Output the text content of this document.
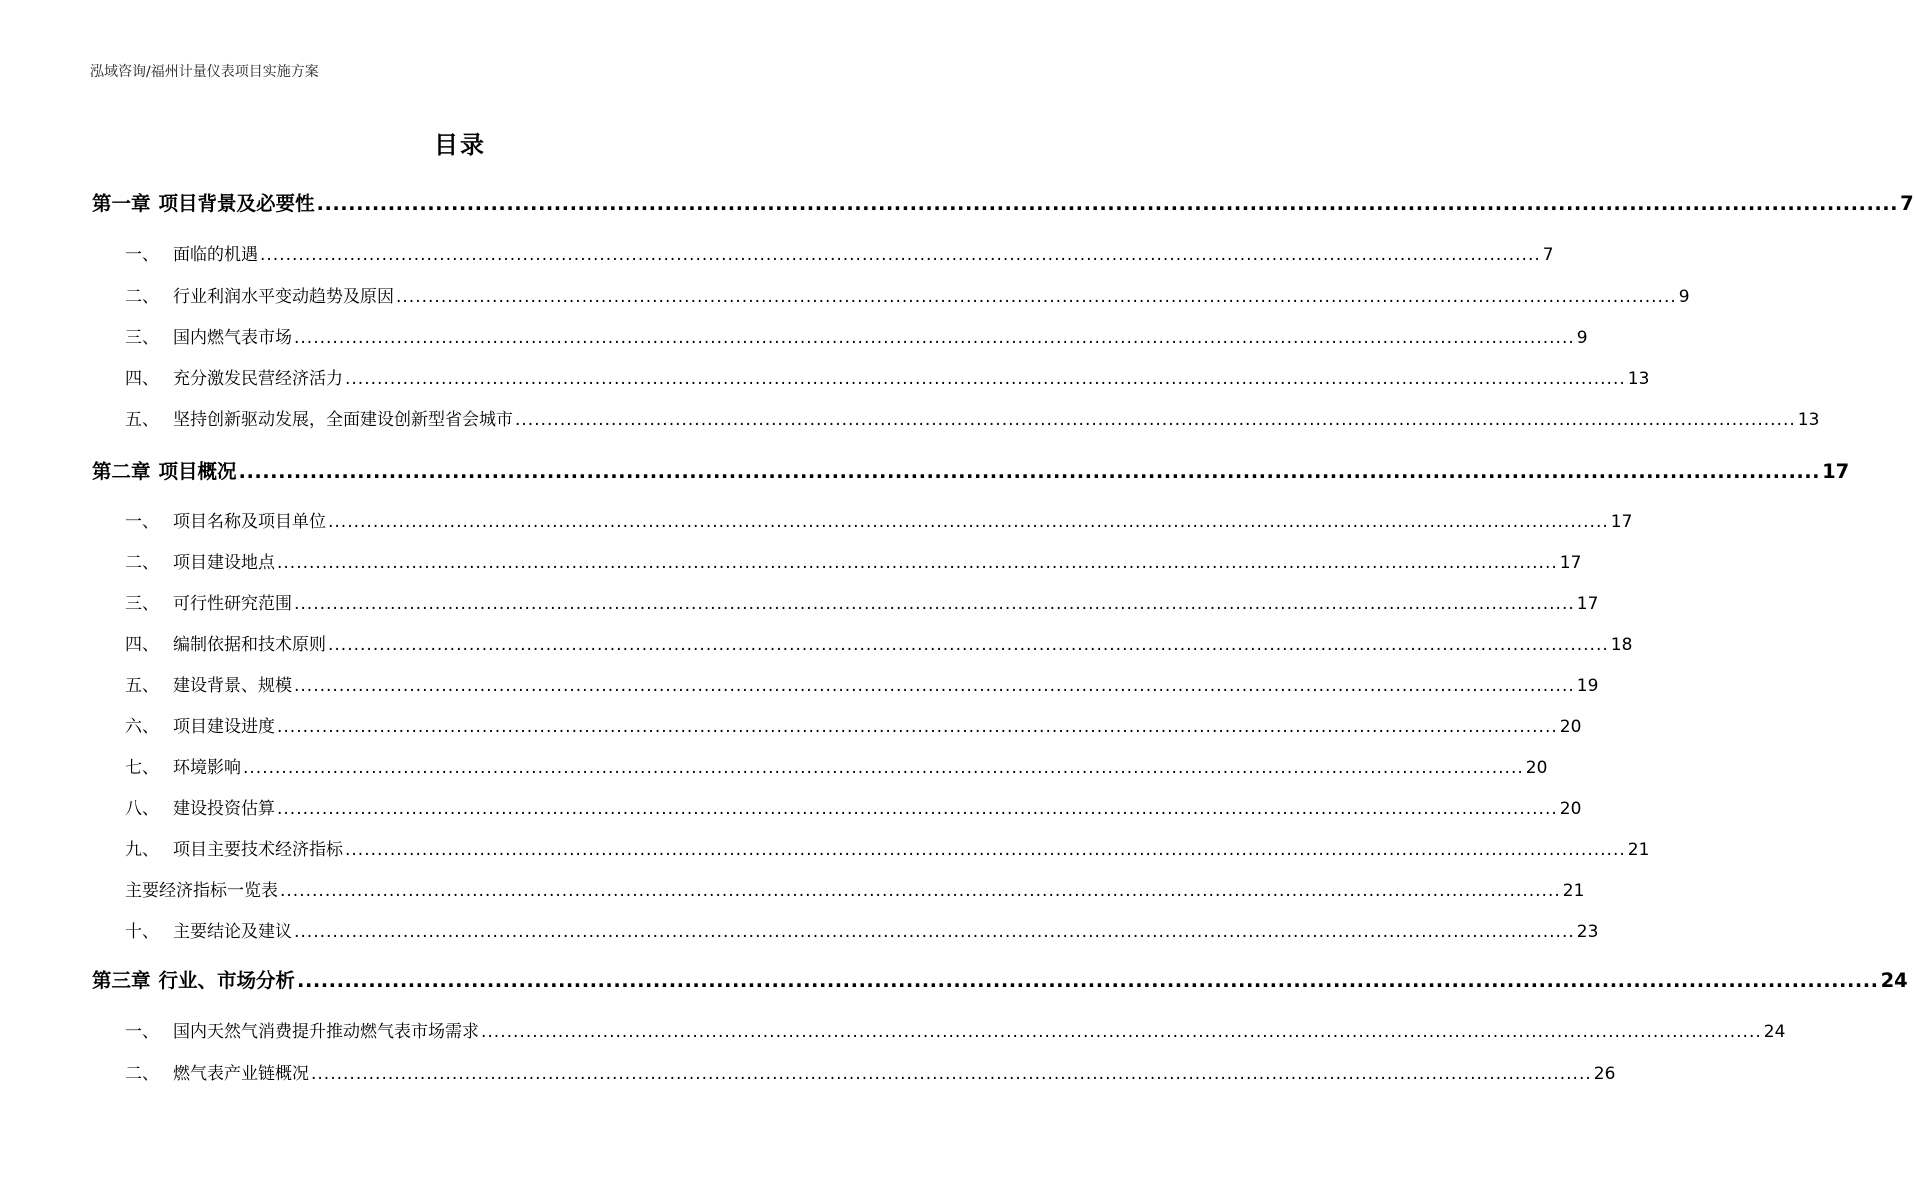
泓域咨询/福州计量仪表项目实施方案
目录
第一章 项目背景及必要性 ........................................................................................................................................................................................................ 7
一、 面临的机遇 ........................................................................................................................................................................................................ 7
二、 行业利润水平变动趋势及原因 ........................................................................................................................................................................................................ 9
三、 国内燃气表市场 ........................................................................................................................................................................................................ 9
四、 充分激发民营经济活力 ........................................................................................................................................................................................................ 13
五、 坚持创新驱动发展，全面建设创新型省会城市 ........................................................................................................................................................................................................ 13
第二章 项目概况 ........................................................................................................................................................................................................ 17
一、 项目名称及项目单位 ........................................................................................................................................................................................................ 17
二、 项目建设地点 ........................................................................................................................................................................................................ 17
三、 可行性研究范围 ........................................................................................................................................................................................................ 17
四、 编制依据和技术原则 ........................................................................................................................................................................................................ 18
五、 建设背景、规模 ........................................................................................................................................................................................................ 19
六、 项目建设进度 ........................................................................................................................................................................................................ 20
七、 环境影响 ........................................................................................................................................................................................................ 20
八、 建设投资估算 ........................................................................................................................................................................................................ 20
九、 项目主要技术经济指标 ........................................................................................................................................................................................................ 21
主要经济指标一览表 ........................................................................................................................................................................................................ 21
十、 主要结论及建议 ........................................................................................................................................................................................................ 23
第三章 行业、市场分析 ........................................................................................................................................................................................................ 24
一、 国内天然气消费提升推动燃气表市场需求 ........................................................................................................................................................................................................ 24
二、 燃气表产业链概况 ........................................................................................................................................................................................................ 26
